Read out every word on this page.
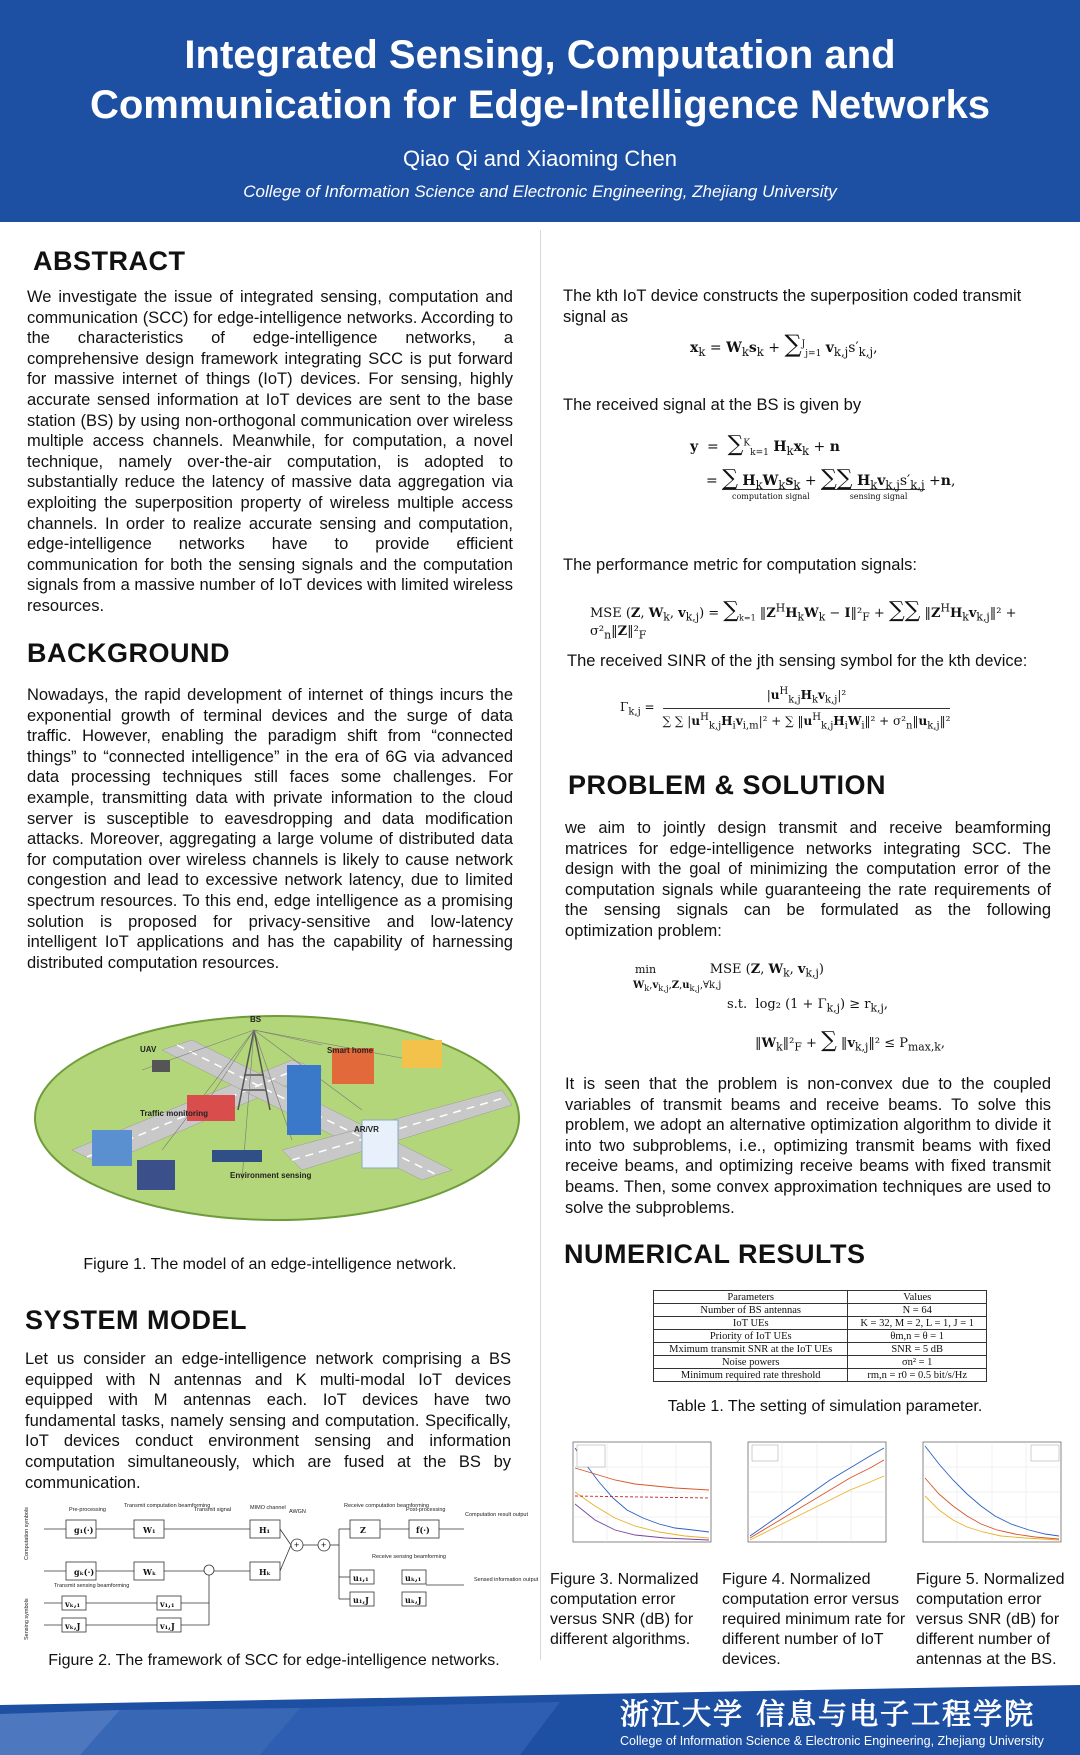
Integrated Sensing, Computation and
Communication for Edge-Intelligence Networks
Qiao Qi and Xiaoming Chen
College of Information Science and Electronic Engineering, Zhejiang University
ABSTRACT
We investigate the issue of integrated sensing, computation and communication (SCC) for edge-intelligence networks. According to the characteristics of edge-intelligence networks, a comprehensive design framework integrating SCC is put forward for massive internet of things (IoT) devices. For sensing, highly accurate sensed information at IoT devices are sent to the base station (BS) by using non-orthogonal communication over wireless multiple access channels. Meanwhile, for computation, a novel technique, namely over-the-air computation, is adopted to substantially reduce the latency of massive data aggregation via exploiting the superposition property of wireless multiple access channels. In order to realize accurate sensing and computation, edge-intelligence networks have to provide efficient communication for both the sensing signals and the computation signals from a massive number of IoT devices with limited wireless resources.
BACKGROUND
Nowadays, the rapid development of internet of things incurs the exponential growth of terminal devices and the surge of data traffic. However, enabling the paradigm shift from “connected things” to “connected intelligence” in the era of 6G via advanced data processing techniques still faces some challenges. For example, transmitting data with private information to the cloud server is susceptible to eavesdropping and data modification attacks. Moreover, aggregating a large volume of distributed data for computation over wireless channels is likely to cause network congestion and lead to excessive network latency, due to limited spectrum resources. To this end, edge intelligence as a promising solution is proposed for privacy-sensitive and low-latency intelligent IoT applications and has the capability of harnessing distributed computation resources.
BS
UAV	Smart home
Traffic monitoring
AR/VR
Environment sensing
Figure 1. The model of an edge-intelligence network.
SYSTEM MODEL
Let us consider an edge-intelligence network comprising a BS equipped with N antennas and K multi-modal IoT devices equipped with M antennas each. IoT devices have two fundamental tasks, namely sensing and computation. Specifically, IoT devices conduct environment sensing and information computation simultaneously, which are fused at the BS by communication.
Pre-processing
Transmit computation beamforming
Transmit signal	MIMO channel
AWGN
Receive computation beamforming
Post-processing
Computation result output
Transmit sensing beamforming
Receive sensing beamforming
Sensed information output
Computation symbols
Sensing symbols
g₁(·)	W₁
gₖ(·)	Wₖ
H₁
Hₖ
Z	f(·)
v₁,₁
v₁,J
vₖ,₁
vₖ,J
u₁,₁	uₖ,₁
u₁,J	uₖ,J
+ +
Figure 2. The framework of SCC for edge-intelligence networks.
The kth IoT device constructs the superposition coded transmit signal as
$x_k = W_ks_k + \sum^J_{j=1}$ $v_{k,j}s'_{k,j}$,
The received signal at the BS is given by
y  =  ∑$^K_{k=1}$ $H_kx_k + n$
= ∑ $H_kW_ks_k$ + ∑∑ $H_kv_{k,j}s'_{k,j} +n$,
computation signal	sensing signal
The performance metric for computation signals:
MSE (Z, $W_k$, $v_{k,j}) = \sum_{k=1}$ $‖Z^HH_kW_k$ − $I‖^2_F$ + ∑∑ $‖Z^HH_kv_{k,j}‖^2$ + $\sigma^2_n‖Z‖^2_F$
The received SINR of the jth sensing symbol for the kth device:
$\Gamma_{k,j}$ =
$|u^H_{k,j}H_kv_{k,j}|^2$
∑ ∑ $|u^H_{k,j}H_iv_{i,m}|^2$ + ∑ $‖u^H_{k,j}H_iW_i‖^2$ + $\sigma^2_n‖u_{k,j}‖^2$
PROBLEM & SOLUTION
we aim to jointly design transmit and receive beamforming matrices for edge-intelligence networks integrating SCC. The design with the goal of minimizing the computation error of the computation signals while guaranteeing the rate requirements of the sensing signals can be formulated as the following optimization problem:
min             MSE (Z, $W_k$, $v_{k,j}$)
$W_k,v_{k,j},Z,u_{k,j},\forall k,j$
s.t.  log₂ $(1 + \Gamma_{k,j}) \ge r_{k,j}$,
$‖W_k‖^2_F$ + ∑ $‖v_{k,j}‖^2 \le P_{max,k}$,
It is seen that the problem is non-convex due to the coupled variables of transmit beams and receive beams. To solve this problem, we adopt an alternative optimization algorithm to divide it into two subproblems, i.e., optimizing transmit beams with fixed receive beams, and optimizing receive beams with fixed transmit beams. Then, some convex approximation techniques are used to solve the subproblems.
NUMERICAL RESULTS
Parameters	Values
Number of BS antennas	N = 64
IoT UEs	K = 32, M = 2, L = 1, J = 1
Priority of IoT UEs	θm,n = θ = 1
Mximum transmit SNR at the IoT UEs	SNR = 5 dB
Noise powers	σn² = 1
Minimum required rate threshold	rm,n = r0 = 0.5 bit/s/Hz
Table 1. The setting of simulation parameter.
Figure 3. Normalized computation error versus SNR (dB) for different algorithms.
Figure 4. Normalized computation error versus required minimum rate for different number of IoT devices.
Figure 5. Normalized computation error versus SNR (dB) for different number of antennas at the BS.
浙江大学 信息与电子工程学院
College of Information Science & Electronic Engineering, Zhejiang University
